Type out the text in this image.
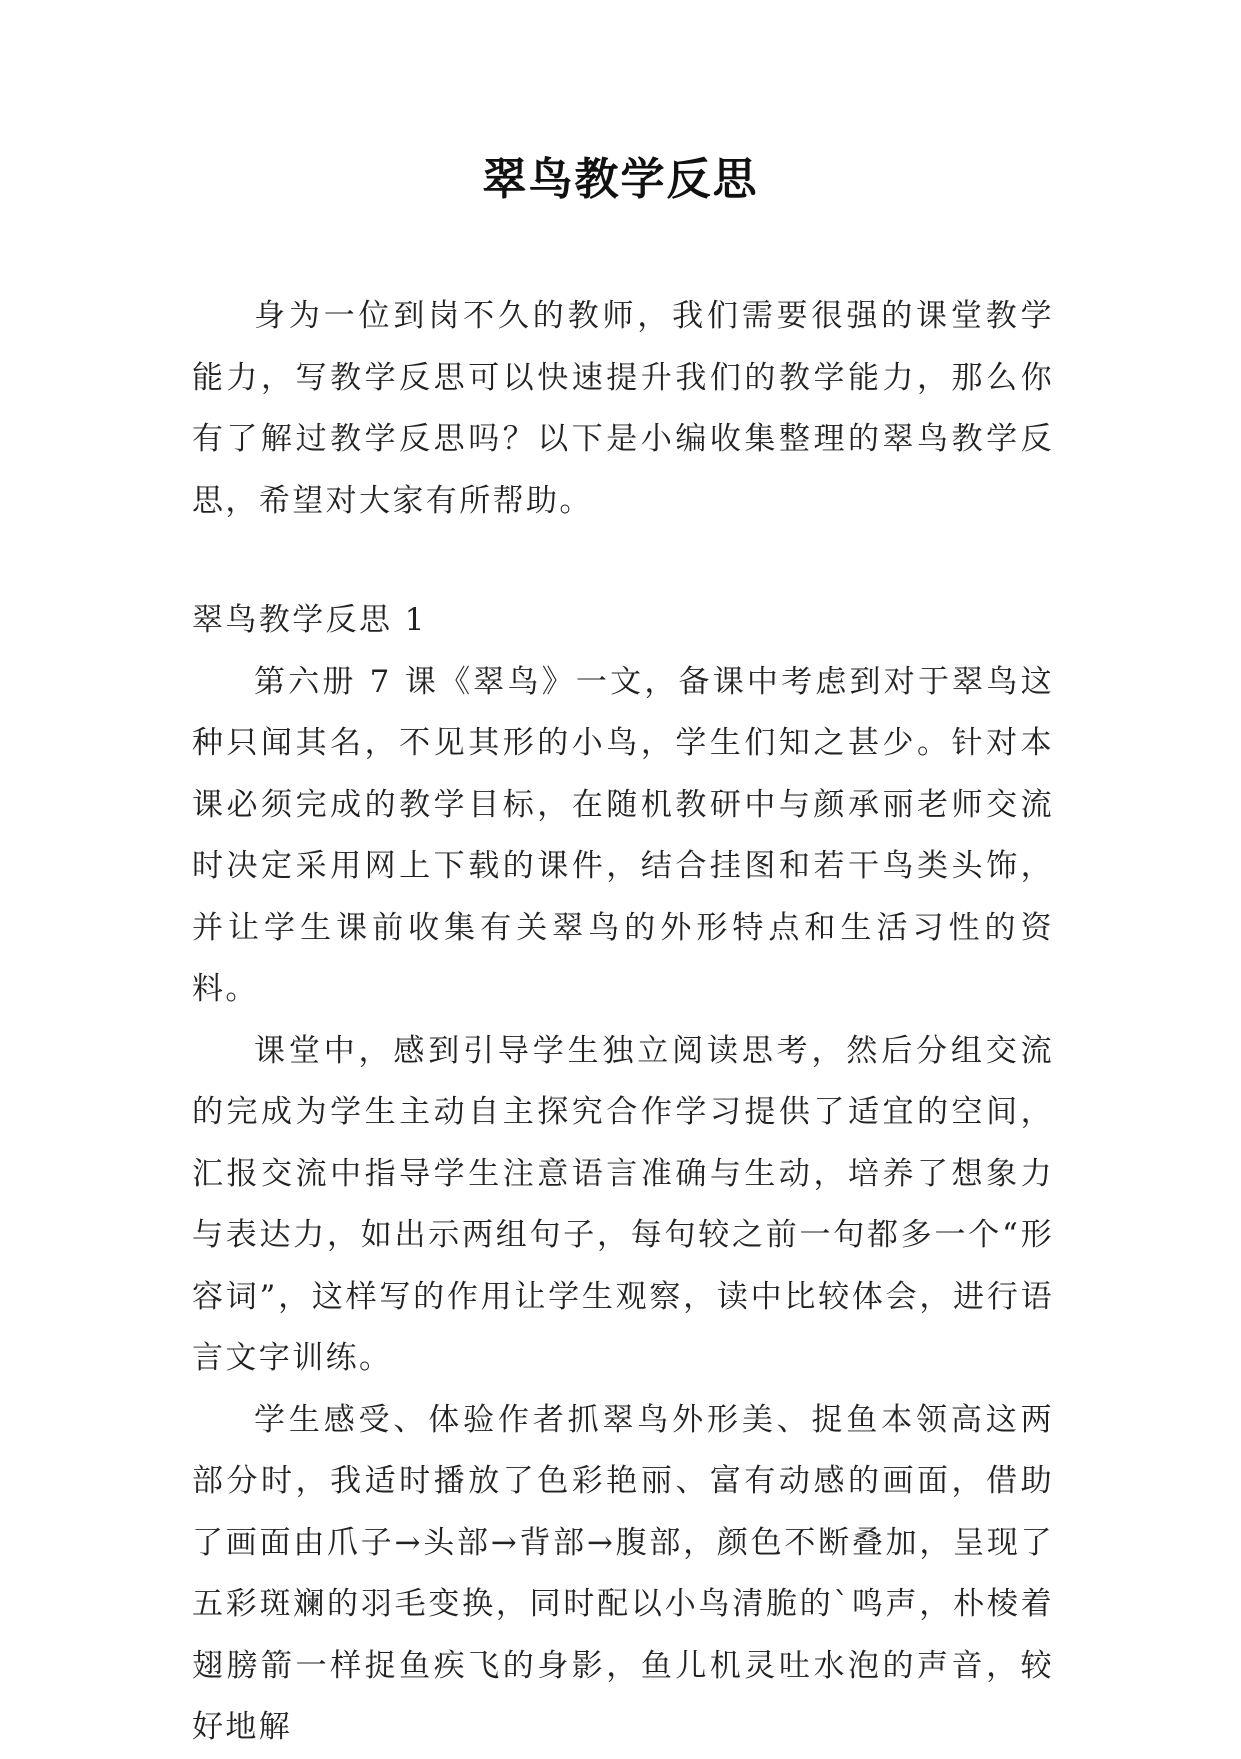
翠鸟教学反思

身为一位到岗不久的教师，我们需要很强的课堂教学能力，写教学反思可以快速提升我们的教学能力，那么你有了解过教学反思吗？以下是小编收集整理的翠鸟教学反思，希望对大家有所帮助。

翠鸟教学反思 1

第六册 7 课《翠鸟》一文，备课中考虑到对于翠鸟这种只闻其名，不见其形的小鸟，学生们知之甚少。针对本课必须完成的教学目标，在随机教研中与颜承丽老师交流时决定采用网上下载的课件，结合挂图和若干鸟类头饰，并让学生课前收集有关翠鸟的外形特点和生活习性的资料。

课堂中，感到引导学生独立阅读思考，然后分组交流的完成为学生主动自主探究合作学习提供了适宜的空间，汇报交流中指导学生注意语言准确与生动，培养了想象力与表达力，如出示两组句子，每句较之前一句都多一个“形容词”，这样写的作用让学生观察，读中比较体会，进行语言文字训练。

学生感受、体验作者抓翠鸟外形美、捉鱼本领高这两部分时，我适时播放了色彩艳丽、富有动感的画面，借助了画面由爪子→头部→背部→腹部，颜色不断叠加，呈现了五彩斑斓的羽毛变换，同时配以小鸟清脆的`鸣声，朴棱着翅膀箭一样捉鱼疾飞的身影，鱼儿机灵吐水泡的声音，较好地解
